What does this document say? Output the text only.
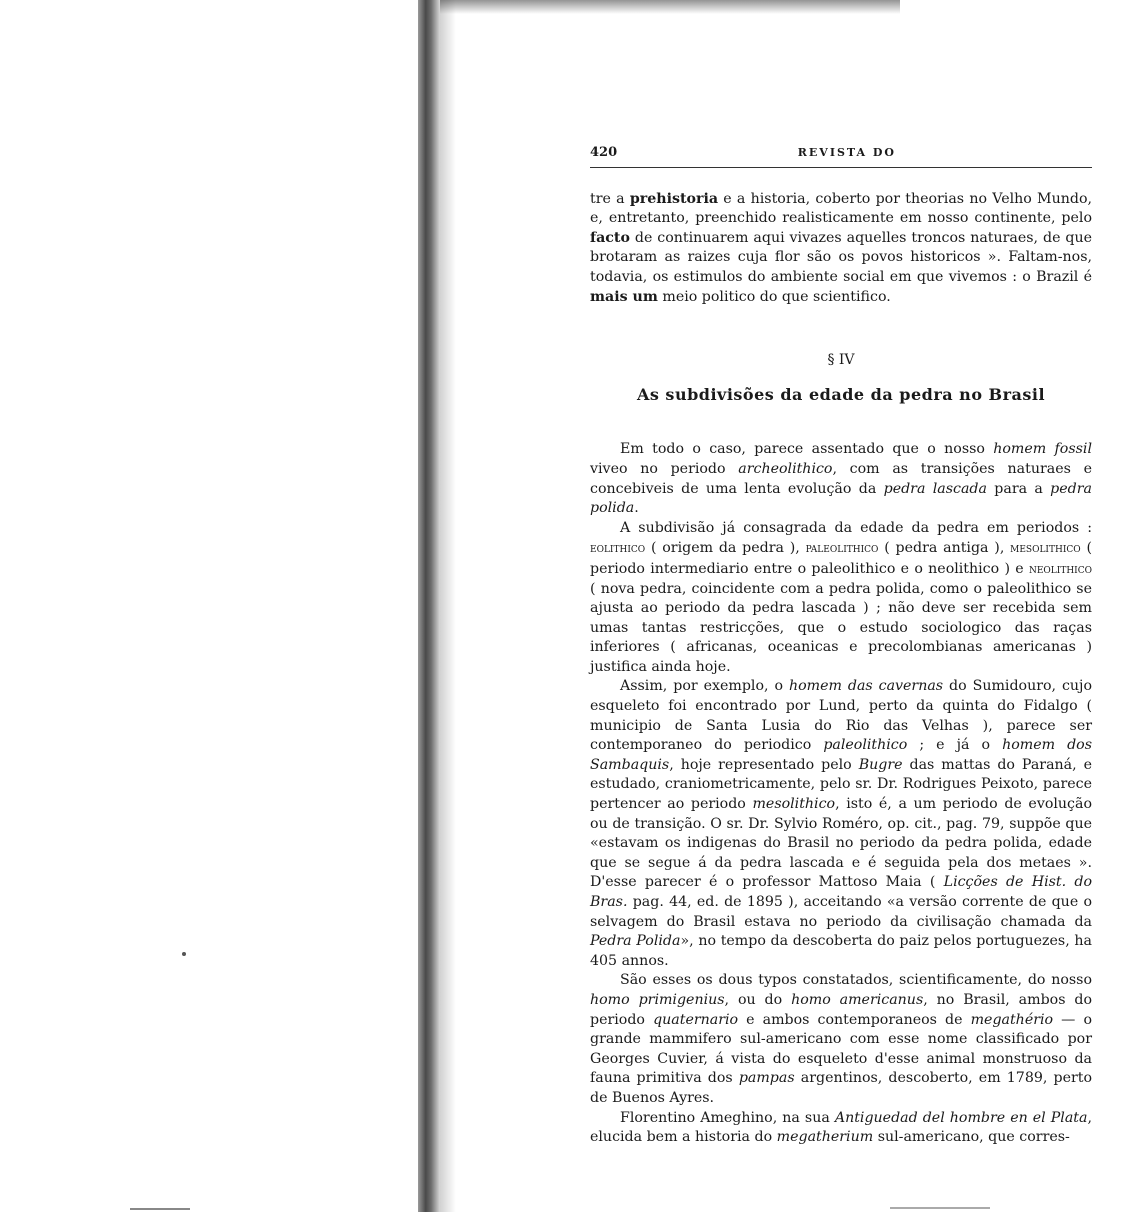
420	REVISTA DO

tre a prehistoria e a historia, coberto por theorias no Velho Mundo, e, entretanto, preenchido realisticamente em nosso continente, pelo facto de continuarem aqui vivazes aquelles troncos naturaes, de que brotaram as raizes cuja flor são os povos historicos ». Faltam-nos, todavia, os estimulos do ambiente social em que vivemos : o Brazil é mais um meio politico do que scientifico.

§ IV
As subdivisões da edade da pedra no Brasil

Em todo o caso, parece assentado que o nosso homem fossil viveo no periodo archeolithico, com as transições naturaes e concebiveis de uma lenta evolução da pedra lascada para a pedra polida.

A subdivisão já consagrada da edade da pedra em periodos : eolithico ( origem da pedra ), paleolithico ( pedra antiga ), mesolithico ( periodo intermediario entre o paleolithico e o neolithico ) e neolithico ( nova pedra, coincidente com a pedra polida, como o paleolithico se ajusta ao periodo da pedra lascada ) ; não deve ser recebida sem umas tantas restricções, que o estudo sociologico das raças inferiores ( africanas, oceanicas e precolombianas americanas ) justifica ainda hoje.

Assim, por exemplo, o homem das cavernas do Sumidouro, cujo esqueleto foi encontrado por Lund, perto da quinta do Fidalgo ( municipio de Santa Lusia do Rio das Velhas ), parece ser contemporaneo do periodico paleolithico ; e já o homem dos Sambaquis, hoje representado pelo Bugre das mattas do Paraná, e estudado, craniometricamente, pelo sr. Dr. Rodrigues Peixoto, parece pertencer ao periodo mesolithico, isto é, a um periodo de evolução ou de transição. O sr. Dr. Sylvio Roméro, op. cit., pag. 79, suppõe que «estavam os indigenas do Brasil no periodo da pedra polida, edade que se segue á da pedra lascada e é seguida pela dos metaes ». D'esse parecer é o professor Mattoso Maia ( Licções de Hist. do Bras. pag. 44, ed. de 1895 ), acceitando «a versão corrente de que o selvagem do Brasil estava no periodo da civilisação chamada da Pedra Polida», no tempo da descoberta do paiz pelos portuguezes, ha 405 annos.

São esses os dous typos constatados, scientificamente, do nosso homo primigenius, ou do homo americanus, no Brasil, ambos do periodo quaternario e ambos contemporaneos de megathério — o grande mammifero sul-americano com esse nome classificado por Georges Cuvier, á vista do esqueleto d'esse animal monstruoso da fauna primitiva dos pampas argentinos, descoberto, em 1789, perto de Buenos Ayres.

Florentino Ameghino, na sua Antiguedad del hombre en el Plata, elucida bem a historia do megatherium sul-americano, que corres-
